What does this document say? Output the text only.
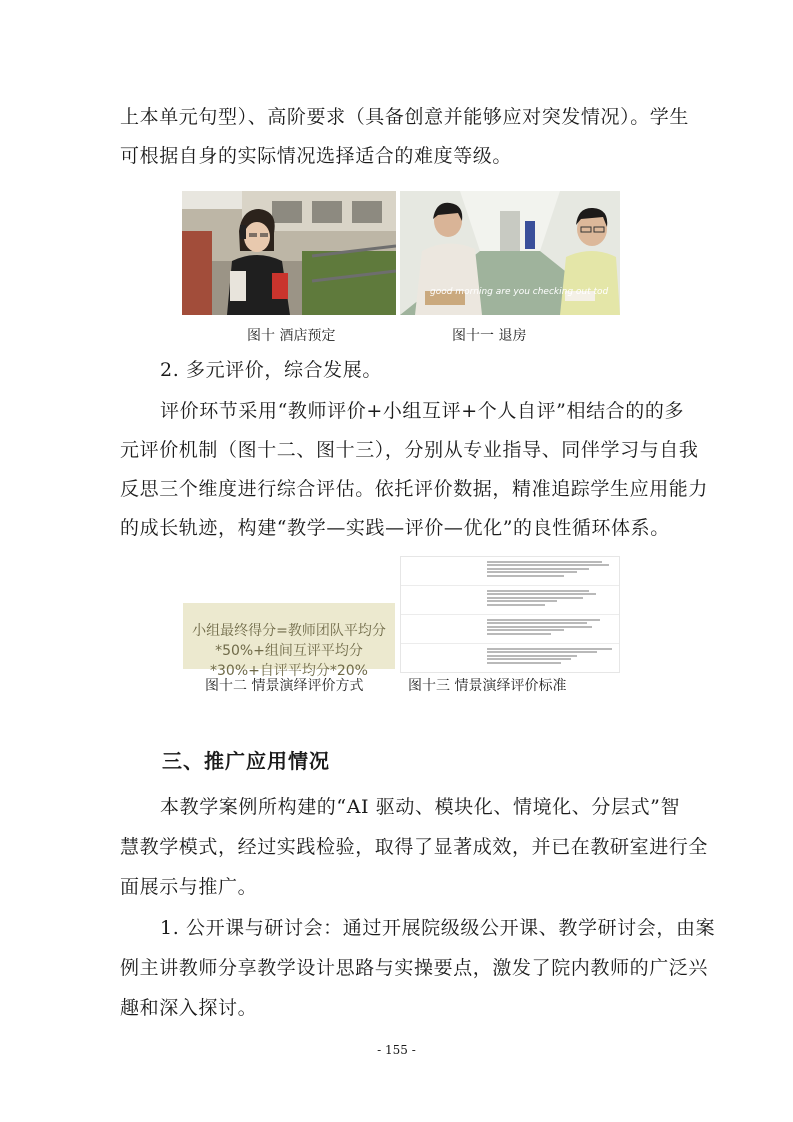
上本单元句型）、高阶要求（具备创意并能够应对突发情况）。学生
可根据自身的实际情况选择适合的难度等级。
good morning are you checking out tod
图十 酒店预定	图十一 退房
2. 多元评价，综合发展。
评价环节采用“教师评价+小组互评+个人自评”相结合的的多
元评价机制（图十二、图十三），分别从专业指导、同伴学习与自我
反思三个维度进行综合评估。依托评价数据，精准追踪学生应用能力
的成长轨迹，构建“教学—实践—评价—优化”的良性循环体系。
小组最终得分=教师团队平均分
*50%+组间互评平均分
*30%+自评平均分*20%
图十二 情景演绎评价方式	图十三 情景演绎评价标准
三、推广应用情况
本教学案例所构建的“AI 驱动、模块化、情境化、分层式”智
慧教学模式，经过实践检验，取得了显著成效，并已在教研室进行全
面展示与推广。
1. 公开课与研讨会：通过开展院级级公开课、教学研讨会，由案
例主讲教师分享教学设计思路与实操要点，激发了院内教师的广泛兴
趣和深入探讨。
- 155 -
